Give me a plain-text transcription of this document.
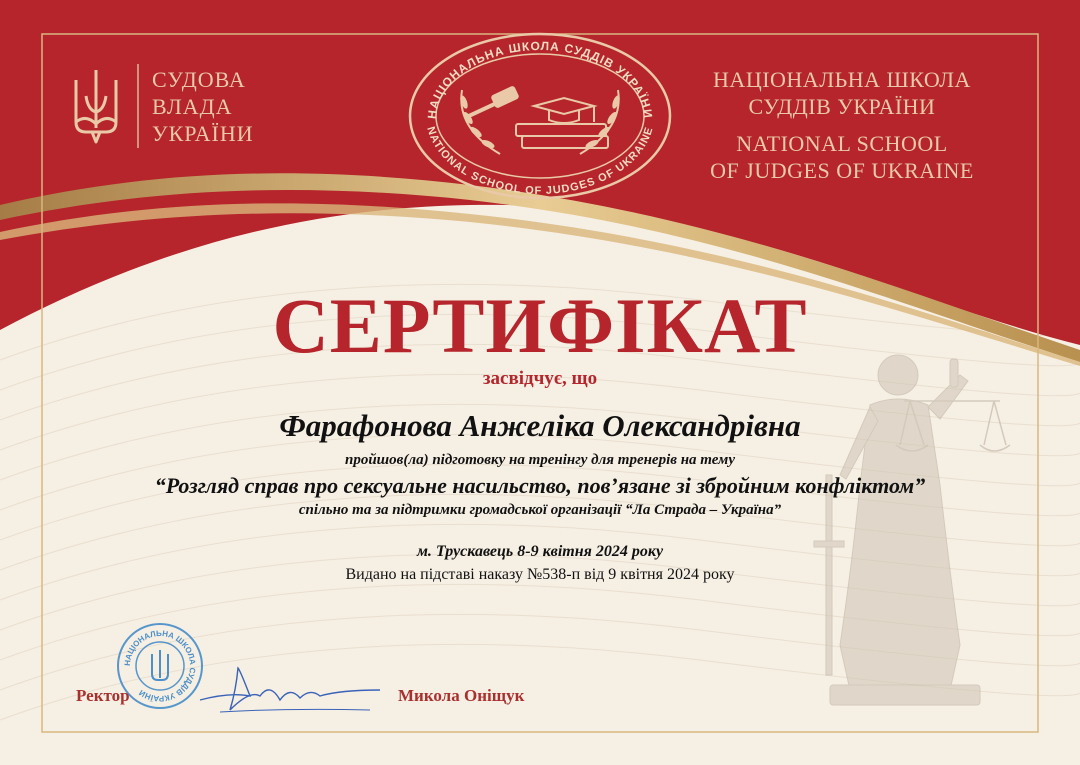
СУДОВА
ВЛАДА
УКРАЇНИ
НАЦІОНАЛЬНА ШКОЛА СУДДІВ УКРАЇНИ
NATIONAL SCHOOL OF JUDGES OF UKRAINE
НАЦІОНАЛЬНА ШКОЛА
СУДДІВ УКРАЇНИ
NATIONAL SCHOOL
OF JUDGES OF UKRAINE
СЕРТИФІКАТ
засвідчує, що
Фарафонова Анжеліка Олександрівна
пройшов(ла) підготовку на тренінгу для тренерів на тему
“Розгляд справ про сексуальне насильство, пов’язане зі збройним конфліктом”
спільно та за підтримки громадської організації “Ла Страда – Україна”
м. Трускавець 8-9 квітня 2024 року
Видано на підставі наказу №538-п від 9 квітня 2024 року
НАЦІОНАЛЬНА ШКОЛА СУДДІВ УКРАЇНИ
Ректор	Микола Оніщук
